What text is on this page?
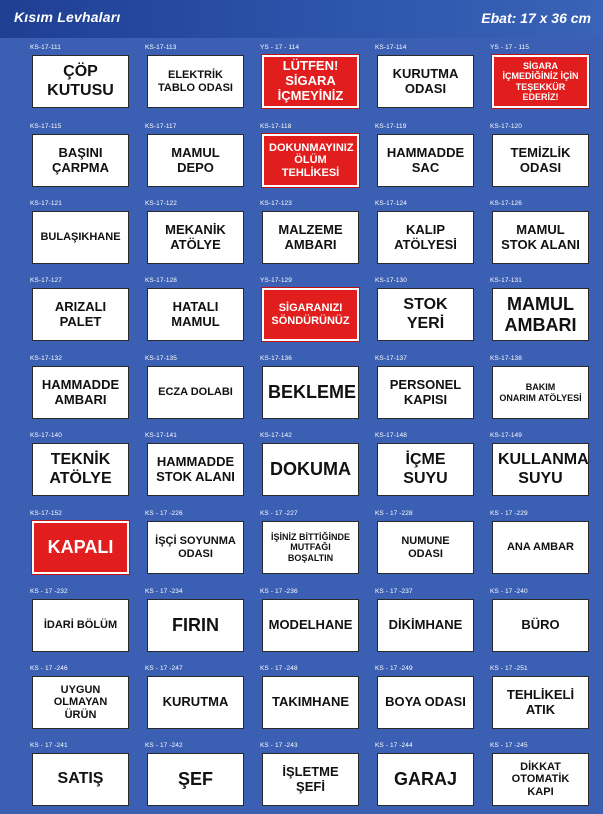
Kısım Levhaları	Ebat: 17 x 36 cm
KS-17-111
ÇÖP
KUTUSU
KS-17-113
ELEKTRİK
TABLO ODASI
YS - 17 - 114
LÜTFEN!
SİGARA
İÇMEYİNİZ
KS-17-114
KURUTMA
ODASI
YS - 17 - 115
SİGARA
İÇMEDİĞİNİZ İÇİN
TEŞEKKÜR EDERİZ!
KS-17-115
BAŞINI
ÇARPMA
KS-17-117
MAMUL
DEPO
KS-17-118
DOKUNMAYINIZ
ÖLÜM TEHLİKESİ
KS-17-119
HAMMADDE
SAC
KS-17-120
TEMİZLİK
ODASI
KS-17-121
BULAŞIKHANE
KS-17-122
MEKANİK
ATÖLYE
KS-17-123
MALZEME
AMBARI
KS-17-124
KALIP
ATÖLYESİ
KS-17-126
MAMUL
STOK ALANI
KS-17-127
ARIZALI
PALET
KS-17-128
HATALI
MAMUL
YS-17-129
SİGARANIZI
SÖNDÜRÜNÜZ
KS-17-130
STOK
YERİ
KS-17-131
MAMUL
AMBARI
KS-17-132
HAMMADDE
AMBARI
KS-17-135
ECZA DOLABI
KS-17-136
BEKLEME
KS-17-137
PERSONEL
KAPISI
KS-17-138
BAKIM
ONARIM ATÖLYESİ
KS-17-140
TEKNİK
ATÖLYE
KS-17-141
HAMMADDE
STOK ALANI
KS-17-142
DOKUMA
KS-17-148
İÇME SUYU
KS-17-149
KULLANMA
SUYU
KS-17-152
KAPALI
KS - 17 -226
İŞÇİ SOYUNMA
ODASI
KS - 17 -227
İŞİNİZ BİTTİĞİNDE
MUTFAĞI
BOŞALTIN
KS - 17 -228
NUMUNE
ODASI
KS - 17 -229
ANA AMBAR
KS - 17 -232
İDARİ BÖLÜM
KS - 17 -234
FIRIN
KS - 17 -236
MODELHANE
KS - 17 -237
DİKİMHANE
KS - 17 -240
BÜRO
KS - 17 -246
UYGUN
OLMAYAN
ÜRÜN
KS - 17 -247
KURUTMA
KS - 17 -248
TAKIMHANE
KS - 17 -249
BOYA ODASI
KS - 17 -251
TEHLİKELİ
ATIK
KS - 17 -241
SATIŞ
KS - 17 -242
ŞEF
KS - 17 -243
İŞLETME
ŞEFİ
KS - 17 -244
GARAJ
KS - 17 -245
DİKKAT
OTOMATİK
KAPI
